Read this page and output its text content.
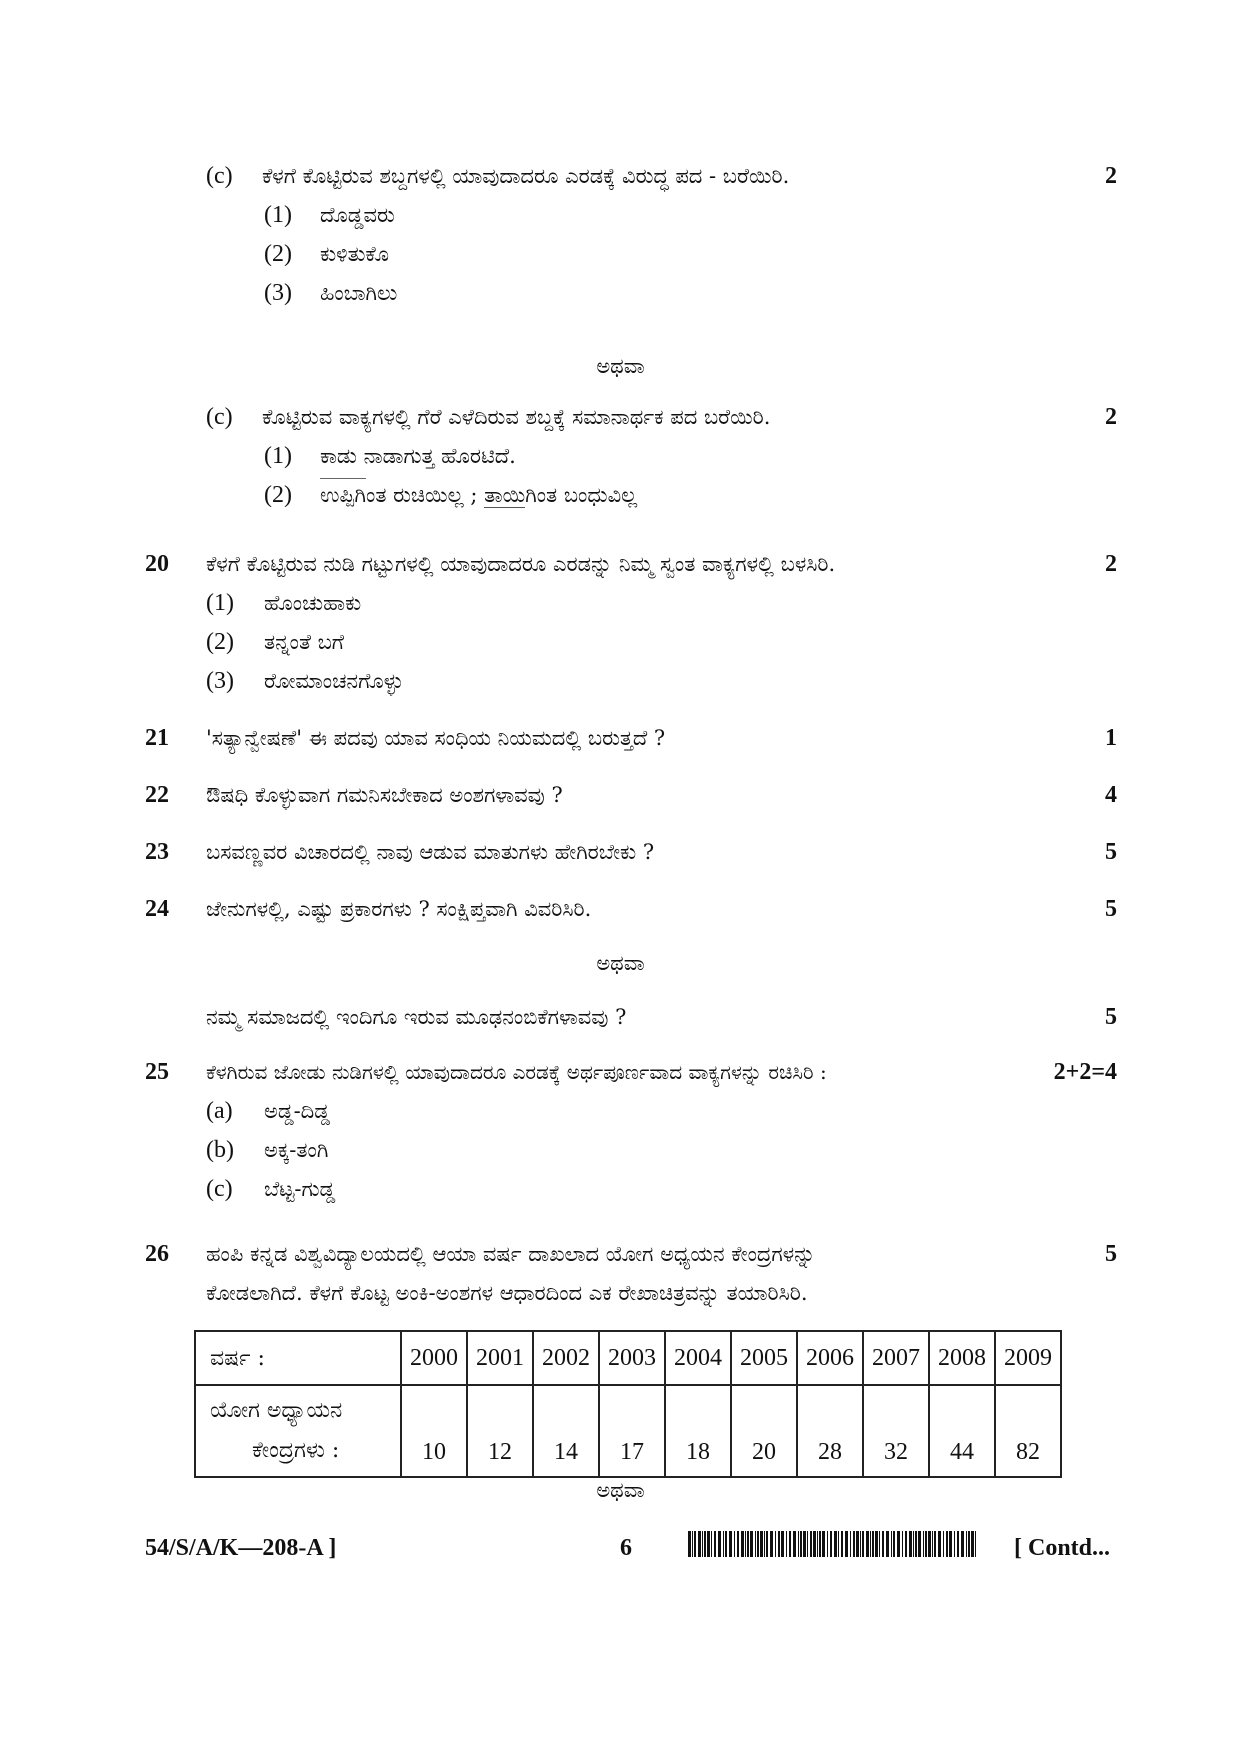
(c) ಕೆಳಗೆ ಕೊಟ್ಟಿರುವ ಶಬ್ದಗಳಲ್ಲಿ ಯಾವುದಾದರೂ ಎರಡಕ್ಕೆ ವಿರುದ್ಧ ಪದ - ಬರೆಯಿರಿ.	2
(1) ದೊಡ್ಡವರು
(2) ಕುಳಿತುಕೊ
(3) ಹಿಂಬಾಗಿಲು
ಅಥವಾ
(c) ಕೊಟ್ಟಿರುವ ವಾಕ್ಯಗಳಲ್ಲಿ ಗೆರೆ ಎಳೆದಿರುವ ಶಬ್ದಕ್ಕೆ ಸಮಾನಾರ್ಥಕ ಪದ ಬರೆಯಿರಿ.	2
(1) ಕಾಡು ನಾಡಾಗುತ್ತ ಹೊರಟಿದೆ.
(2) ಉಪ್ಪಿಗಿಂತ ರುಚಿಯಿಲ್ಲ ; ತಾಯಿಗಿಂತ ಬಂಧುವಿಲ್ಲ
20 ಕೆಳಗೆ ಕೊಟ್ಟಿರುವ ನುಡಿ ಗಟ್ಟುಗಳಲ್ಲಿ ಯಾವುದಾದರೂ ಎರಡನ್ನು ನಿಮ್ಮ ಸ್ವಂತ ವಾಕ್ಯಗಳಲ್ಲಿ ಬಳಸಿರಿ.	2
(1) ಹೊಂಚುಹಾಕು
(2) ತನ್ನಂತೆ ಬಗೆ
(3) ರೋಮಾಂಚನಗೊಳ್ಳು
21 'ಸತ್ಯಾನ್ವೇಷಣೆ' ಈ ಪದವು ಯಾವ ಸಂಧಿಯ ನಿಯಮದಲ್ಲಿ ಬರುತ್ತದೆ ?	1
22 ಔಷಧಿ ಕೊಳ್ಳುವಾಗ ಗಮನಿಸಬೇಕಾದ ಅಂಶಗಳಾವವು ?	4
23 ಬಸವಣ್ಣವರ ವಿಚಾರದಲ್ಲಿ ನಾವು ಆಡುವ ಮಾತುಗಳು ಹೇಗಿರಬೇಕು ?	5
24 ಜೇನುಗಳಲ್ಲಿ, ಎಷ್ಟು ಪ್ರಕಾರಗಳು ? ಸಂಕ್ಷಿಪ್ತವಾಗಿ ವಿವರಿಸಿರಿ.	5
ಅಥವಾ
ನಮ್ಮ ಸಮಾಜದಲ್ಲಿ ಇಂದಿಗೂ ಇರುವ ಮೂಢನಂಬಿಕೆಗಳಾವವು ?	5
25 ಕೆಳಗಿರುವ ಜೋಡು ನುಡಿಗಳಲ್ಲಿ ಯಾವುದಾದರೂ ಎರಡಕ್ಕೆ ಅರ್ಥಪೂರ್ಣವಾದ ವಾಕ್ಯಗಳನ್ನು ರಚಿಸಿರಿ :	2+2=4
(a) ಅಡ್ಡ-ದಿಡ್ಡ
(b) ಅಕ್ಕ-ತಂಗಿ
(c) ಬೆಟ್ಟ-ಗುಡ್ಡ
26 ಹಂಪಿ ಕನ್ನಡ ವಿಶ್ವವಿದ್ಯಾಲಯದಲ್ಲಿ ಆಯಾ ವರ್ಷ ದಾಖಲಾದ ಯೋಗ ಅಧ್ಯಯನ ಕೇಂದ್ರಗಳನ್ನು	5
ಕೋಡಲಾಗಿದೆ. ಕೆಳಗೆ ಕೊಟ್ಟ ಅಂಕಿ-ಅಂಶಗಳ ಆಧಾರದಿಂದ ಎಕ ರೇಖಾಚಿತ್ರವನ್ನು ತಯಾರಿಸಿರಿ.
ವರ್ಷ :	2000	2001	2002	2003	2004	2005	2006	2007	2008	2009

ಯೋಗ ಅಧ್ಯಾಯನ
ಕೇಂದ್ರಗಳು :	10	12	14	17	18	20	28	32	44	82
ಅಥವಾ
54/S/A/K—208-A ]	6	[ Contd...
